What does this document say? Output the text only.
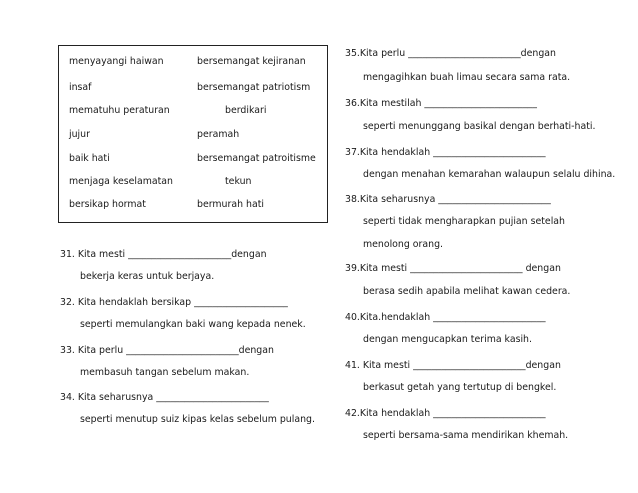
menyayangi haiwan
insaf
mematuhu peraturan
jujur
baik hati
menjaga keselamatan
bersikap hormat
bersemangat kejiranan
bersemangat patriotism
berdikari
peramah
bersemangat patroitisme
tekun
bermurah hati
31. Kita mesti ______________________dengan
bekerja keras untuk berjaya.
32. Kita hendaklah bersikap ____________________
seperti memulangkan baki wang kepada nenek.
33. Kita perlu ________________________dengan
membasuh tangan sebelum makan.
34. Kita seharusnya ________________________
seperti menutup suiz kipas kelas sebelum pulang.
35.Kita perlu ________________________dengan
mengagihkan buah limau secara sama rata.
36.Kita mestilah ________________________
seperti menunggang basikal dengan berhati-hati.
37.Kita hendaklah ________________________
dengan menahan kemarahan walaupun selalu dihina.
38.Kita seharusnya ________________________
seperti tidak mengharapkan pujian setelah
menolong orang.
39.Kita mesti ________________________ dengan
berasa sedih apabila melihat kawan cedera.
40.Kita.hendaklah ________________________
dengan mengucapkan terima kasih.
41. Kita mesti ________________________dengan
berkasut getah yang tertutup di bengkel.
42.Kita hendaklah ________________________
seperti bersama-sama mendirikan khemah.
